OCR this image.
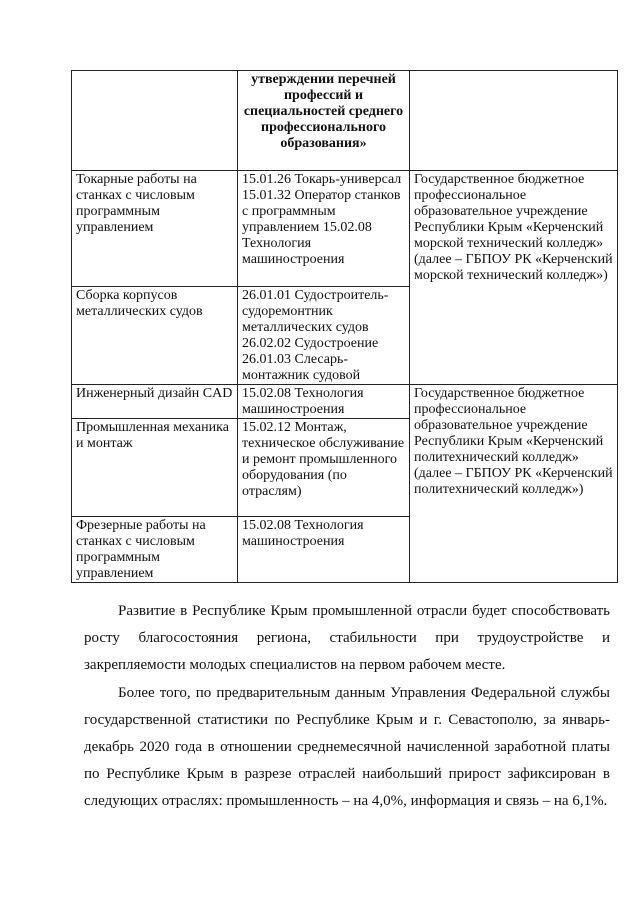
	утверждении перечней профессий и специальностей среднего профессионального образования»	
Токарные работы на станках с числовым программным управлением	15.01.26 Токарь-универсал 15.01.32 Оператор станков с программным управлением 15.02.08 Технология машиностроения	Государственное бюджетное профессиональное образовательное учреждение Республики Крым «Керченский морской технический колледж» (далее – ГБПОУ РК «Керченский морской технический колледж»)
Сборка корпусов металлических судов	26.01.01 Судостроитель-судоремонтник металлических судов 26.02.02 Судостроение 26.01.03 Слесарь-монтажник судовой	
Инженерный дизайн CAD	15.02.08 Технология машиностроения	Государственное бюджетное профессиональное образовательное учреждение Республики Крым «Керченский политехнический колледж» (далее – ГБПОУ РК «Керченский политехнический колледж»)
Промышленная механика и монтаж	15.02.12 Монтаж, техническое обслуживание и ремонт промышленного оборудования (по отраслям)	
Фрезерные работы на станках с числовым программным управлением	15.02.08 Технология машиностроения	

Развитие в Республике Крым промышленной отрасли будет способствовать росту благосостояния региона, стабильности при трудоустройстве и закрепляемости молодых специалистов на первом рабочем месте.

Более того, по предварительным данным Управления Федеральной службы государственной статистики по Республике Крым и г. Севастополю, за январь-декабрь 2020 года в отношении среднемесячной начисленной заработной платы по Республике Крым в разрезе отраслей наибольший прирост зафиксирован в следующих отраслях: промышленность – на 4,0%, информация и связь – на 6,1%.
